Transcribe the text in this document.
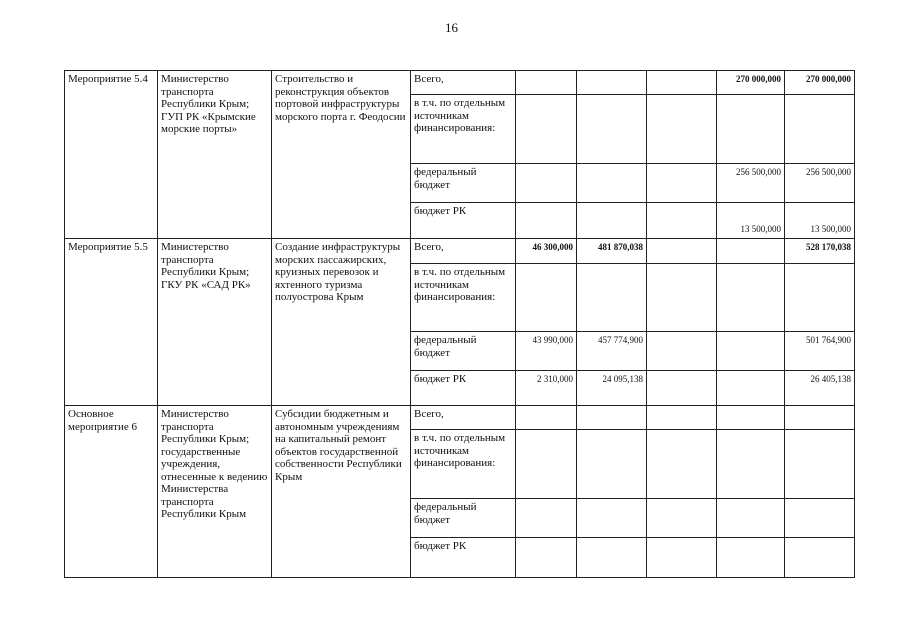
16
Мероприятие 5.4	Министерство транспорта Республики Крым; ГУП РК «Крымские морские порты»	Строительство и реконструкция объектов портовой инфраструктуры морского порта г. Феодосии	Всего,				270 000,000	270 000,000
			в т.ч. по отдельным источникам финансирования:					
			федеральный бюджет				256 500,000	256 500,000
			бюджет РК				13 500,000	13 500,000
Мероприятие 5.5	Министерство транспорта Республики Крым; ГКУ РК «САД РК»	Создание инфраструктуры морских пассажирских, круизных перевозок и яхтенного туризма полуострова Крым	Всего,	46 300,000	481 870,038			528 170,038
			в т.ч. по отдельным источникам финансирования:					
			федеральный бюджет	43 990,000	457 774,900			501 764,900
			бюджет РК	2 310,000	24 095,138			26 405,138
Основное мероприятие 6	Министерство транспорта Республики Крым; государственные учреждения, отнесенные к ведению Министерства транспорта Республики Крым	Субсидии бюджетным и автономным учреждениям на капитальный ремонт объектов государственной собственности Республики Крым	Всего,					
			в т.ч. по отдельным источникам финансирования:					
			федеральный бюджет					
			бюджет РК					
